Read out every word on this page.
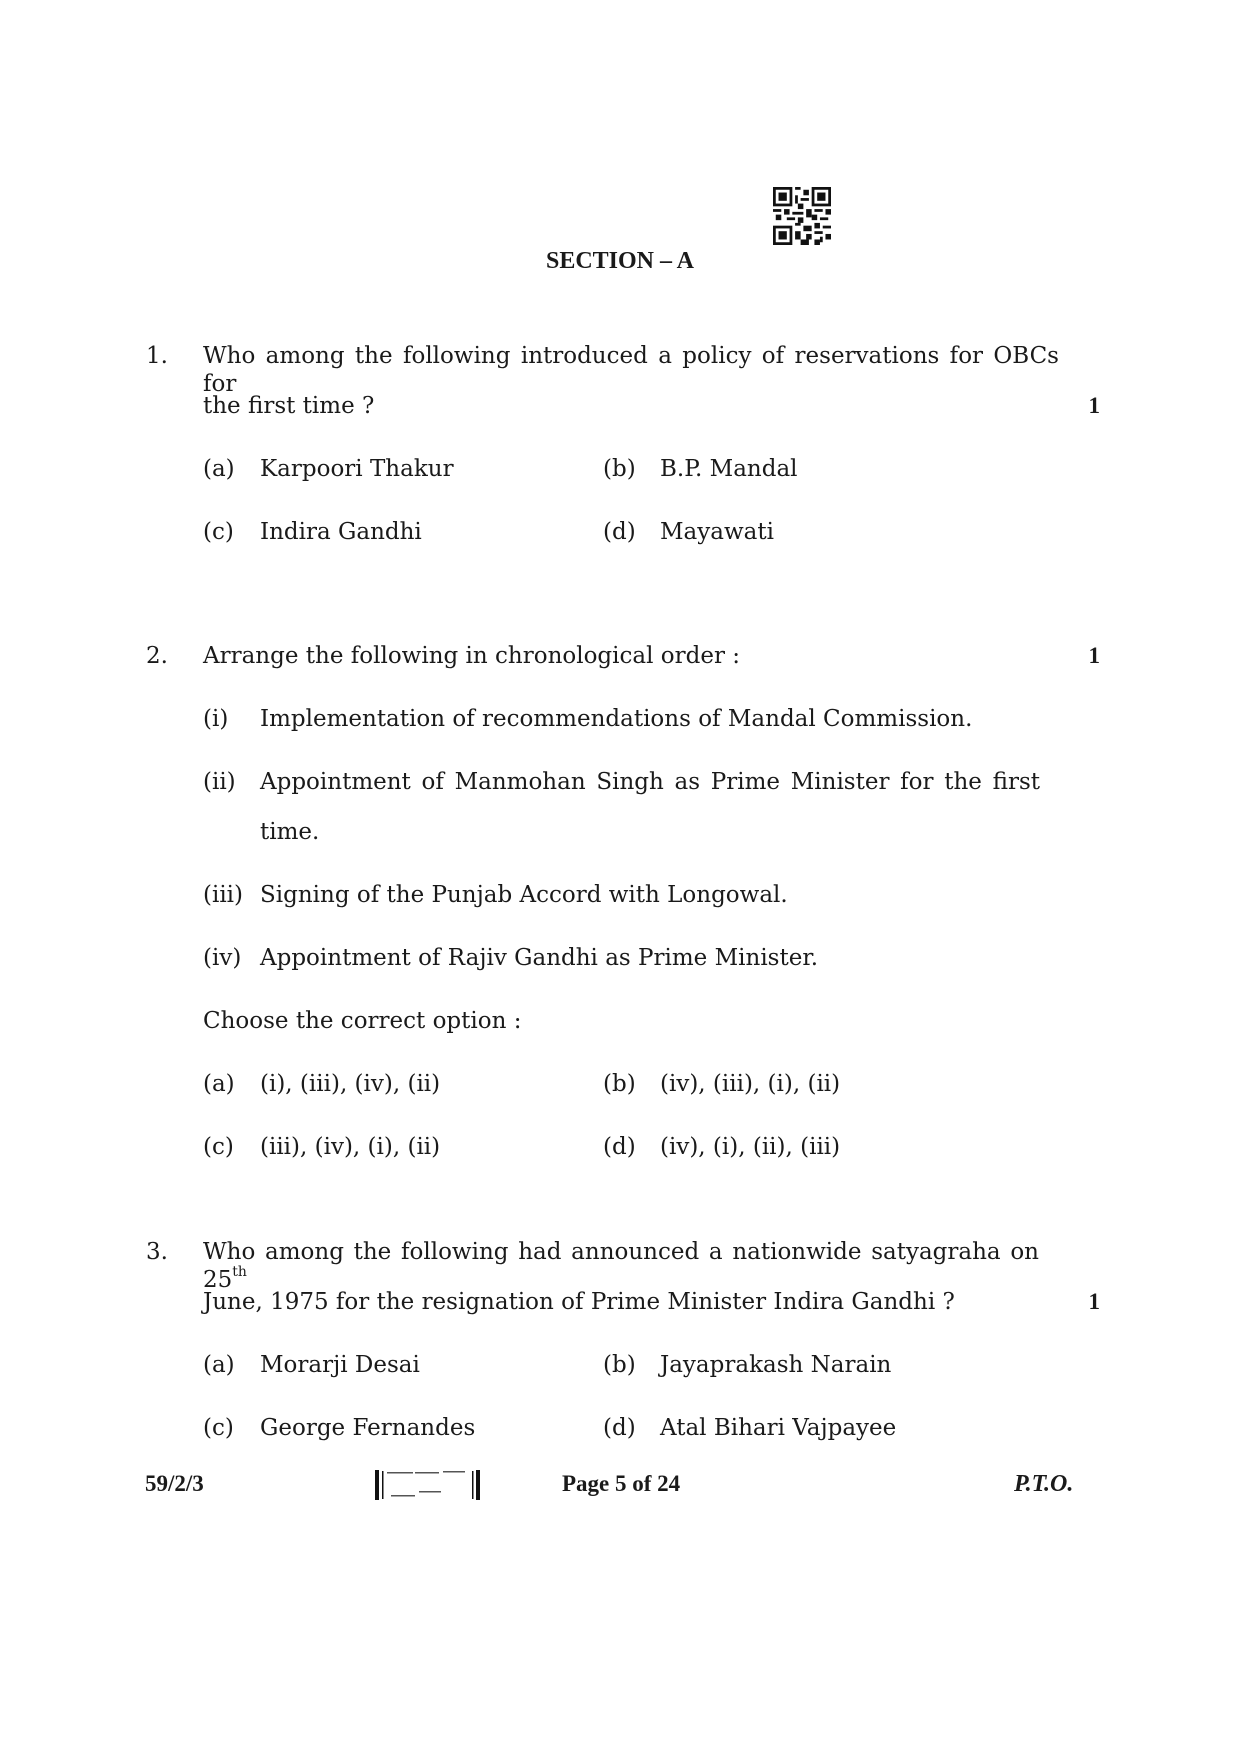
SECTION – A
1. Who among the following introduced a policy of reservations for OBCs for
the first time ?	1
(a) Karpoori Thakur	(b) B.P. Mandal
(c) Indira Gandhi	(d) Mayawati
2. Arrange the following in chronological order :	1
(i) Implementation of recommendations of Mandal Commission.
(ii) Appointment of Manmohan Singh as Prime Minister for the first
time.
(iii) Signing of the Punjab Accord with Longowal.
(iv) Appointment of Rajiv Gandhi as Prime Minister.
Choose the correct option :
(a) (i), (iii), (iv), (ii)	(b) (iv), (iii), (i), (ii)
(c) (iii), (iv), (i), (ii)	(d) (iv), (i), (ii), (iii)
3. Who among the following had announced a nationwide satyagraha on 25th
June, 1975 for the resignation of Prime Minister Indira Gandhi ?	1
(a) Morarji Desai	(b) Jayaprakash Narain
(c) George Fernandes	(d) Atal Bihari Vajpayee
59/2/3	Page 5 of 24	P.T.O.
